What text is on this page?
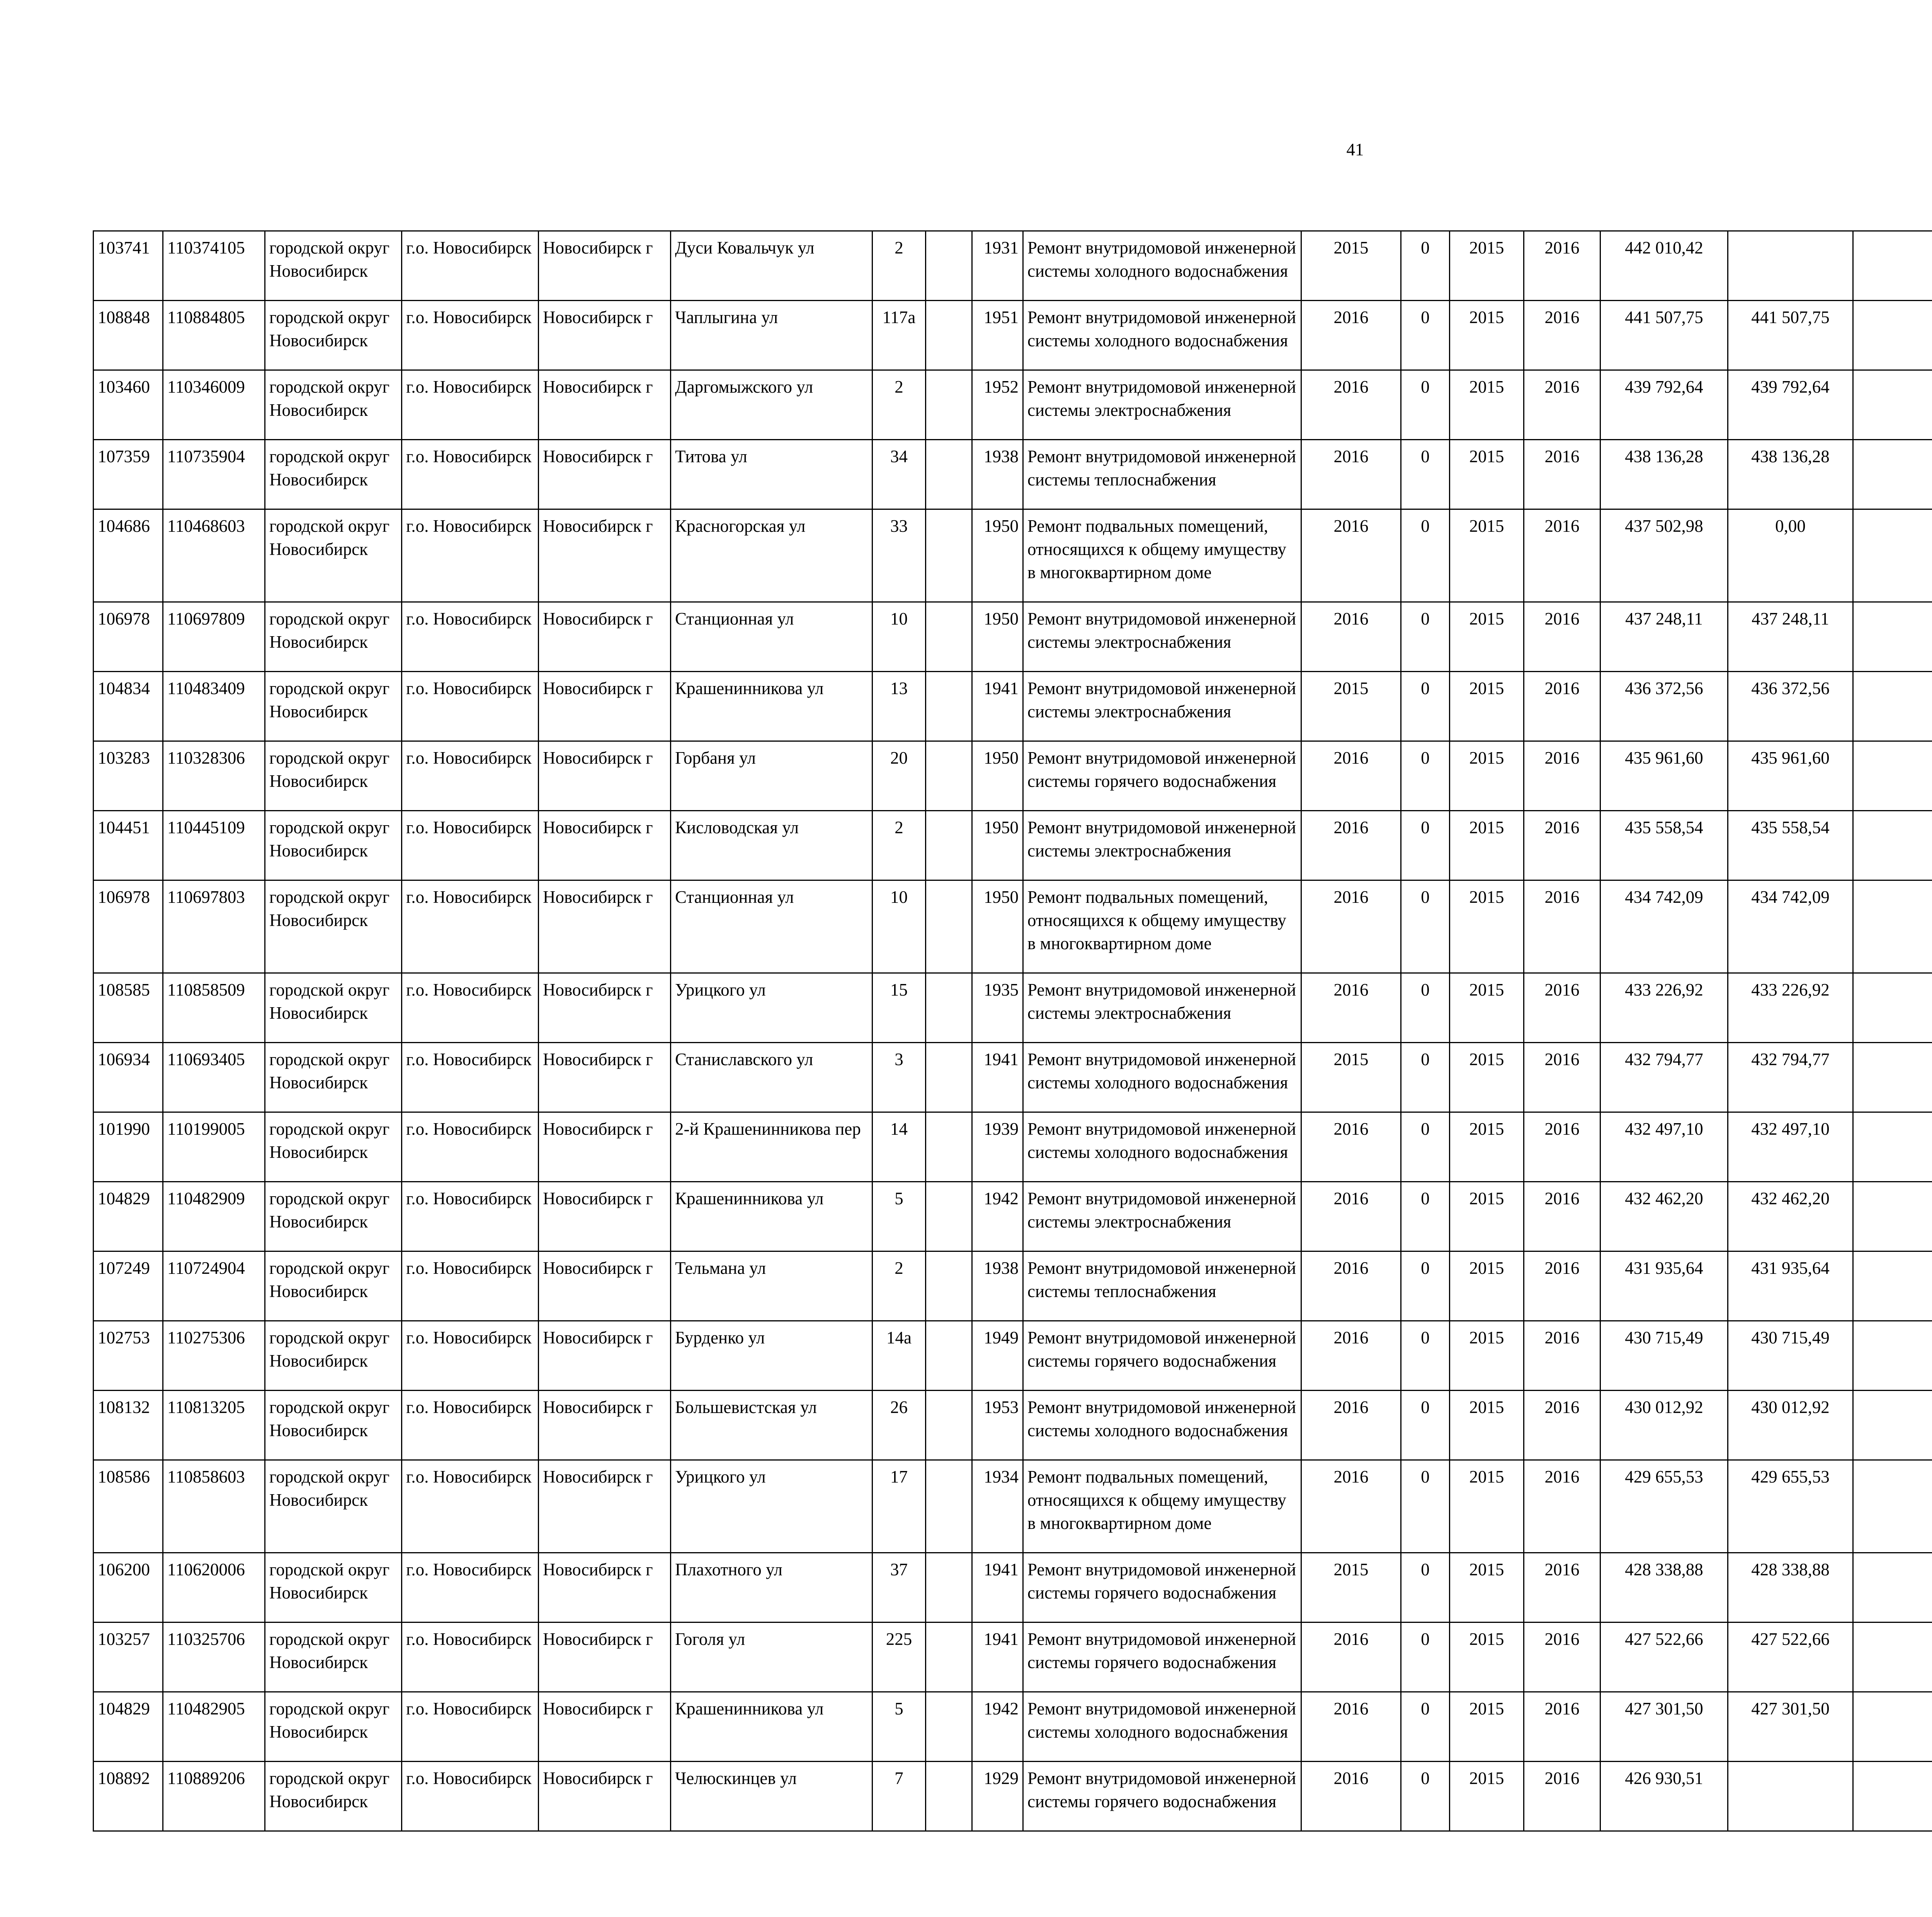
41
103741	110374105	городской округ Новосибирск	г.о. Новосибирск	Новосибирск г	Дуси Ковальчук ул	2		1931	Ремонт внутридомовой инженерной системы холодного водоснабжения	2015	0	2015	2016	442 010,42								
108848	110884805	городской округ Новосибирск	г.о. Новосибирск	Новосибирск г	Чаплыгина ул	117а		1951	Ремонт внутридомовой инженерной системы холодного водоснабжения	2016	0	2015	2016	441 507,75	441 507,75							
103460	110346009	городской округ Новосибирск	г.о. Новосибирск	Новосибирск г	Даргомыжского ул	2		1952	Ремонт внутридомовой инженерной системы электроснабжения	2016	0	2015	2016	439 792,64	439 792,64							
107359	110735904	городской округ Новосибирск	г.о. Новосибирск	Новосибирск г	Титова ул	34		1938	Ремонт внутридомовой инженерной системы теплоснабжения	2016	0	2015	2016	438 136,28	438 136,28							
104686	110468603	городской округ Новосибирск	г.о. Новосибирск	Новосибирск г	Красногорская ул	33		1950	Ремонт подвальных помещений, относящихся к общему имуществу в многоквартирном доме	2016	0	2015	2016	437 502,98	0,00							
106978	110697809	городской округ Новосибирск	г.о. Новосибирск	Новосибирск г	Станционная ул	10		1950	Ремонт внутридомовой инженерной системы электроснабжения	2016	0	2015	2016	437 248,11	437 248,11							
104834	110483409	городской округ Новосибирск	г.о. Новосибирск	Новосибирск г	Крашенинникова ул	13		1941	Ремонт внутридомовой инженерной системы электроснабжения	2015	0	2015	2016	436 372,56	436 372,56							
103283	110328306	городской округ Новосибирск	г.о. Новосибирск	Новосибирск г	Горбаня ул	20		1950	Ремонт внутридомовой инженерной системы горячего водоснабжения	2016	0	2015	2016	435 961,60	435 961,60							
104451	110445109	городской округ Новосибирск	г.о. Новосибирск	Новосибирск г	Кисловодская ул	2		1950	Ремонт внутридомовой инженерной системы электроснабжения	2016	0	2015	2016	435 558,54	435 558,54							
106978	110697803	городской округ Новосибирск	г.о. Новосибирск	Новосибирск г	Станционная ул	10		1950	Ремонт подвальных помещений, относящихся к общему имуществу в многоквартирном доме	2016	0	2015	2016	434 742,09	434 742,09							
108585	110858509	городской округ Новосибирск	г.о. Новосибирск	Новосибирск г	Урицкого ул	15		1935	Ремонт внутридомовой инженерной системы электроснабжения	2016	0	2015	2016	433 226,92	433 226,92							
106934	110693405	городской округ Новосибирск	г.о. Новосибирск	Новосибирск г	Станиславского ул	3		1941	Ремонт внутридомовой инженерной системы холодного водоснабжения	2015	0	2015	2016	432 794,77	432 794,77							
101990	110199005	городской округ Новосибирск	г.о. Новосибирск	Новосибирск г	2-й Крашенинникова пер	14		1939	Ремонт внутридомовой инженерной системы холодного водоснабжения	2016	0	2015	2016	432 497,10	432 497,10							
104829	110482909	городской округ Новосибирск	г.о. Новосибирск	Новосибирск г	Крашенинникова ул	5		1942	Ремонт внутридомовой инженерной системы электроснабжения	2016	0	2015	2016	432 462,20	432 462,20							
107249	110724904	городской округ Новосибирск	г.о. Новосибирск	Новосибирск г	Тельмана ул	2		1938	Ремонт внутридомовой инженерной системы теплоснабжения	2016	0	2015	2016	431 935,64	431 935,64							
102753	110275306	городской округ Новосибирск	г.о. Новосибирск	Новосибирск г	Бурденко ул	14а		1949	Ремонт внутридомовой инженерной системы горячего водоснабжения	2016	0	2015	2016	430 715,49	430 715,49							
108132	110813205	городской округ Новосибирск	г.о. Новосибирск	Новосибирск г	Большевистская ул	26		1953	Ремонт внутридомовой инженерной системы холодного водоснабжения	2016	0	2015	2016	430 012,92	430 012,92							
108586	110858603	городской округ Новосибирск	г.о. Новосибирск	Новосибирск г	Урицкого ул	17		1934	Ремонт подвальных помещений, относящихся к общему имуществу в многоквартирном доме	2016	0	2015	2016	429 655,53	429 655,53							
106200	110620006	городской округ Новосибирск	г.о. Новосибирск	Новосибирск г	Плахотного ул	37		1941	Ремонт внутридомовой инженерной системы горячего водоснабжения	2015	0	2015	2016	428 338,88	428 338,88							
103257	110325706	городской округ Новосибирск	г.о. Новосибирск	Новосибирск г	Гоголя ул	225		1941	Ремонт внутридомовой инженерной системы горячего водоснабжения	2016	0	2015	2016	427 522,66	427 522,66							
104829	110482905	городской округ Новосибирск	г.о. Новосибирск	Новосибирск г	Крашенинникова ул	5		1942	Ремонт внутридомовой инженерной системы холодного водоснабжения	2016	0	2015	2016	427 301,50	427 301,50							
108892	110889206	городской округ Новосибирск	г.о. Новосибирск	Новосибирск г	Челюскинцев ул	7		1929	Ремонт внутридомовой инженерной системы горячего водоснабжения	2016	0	2015	2016	426 930,51								
